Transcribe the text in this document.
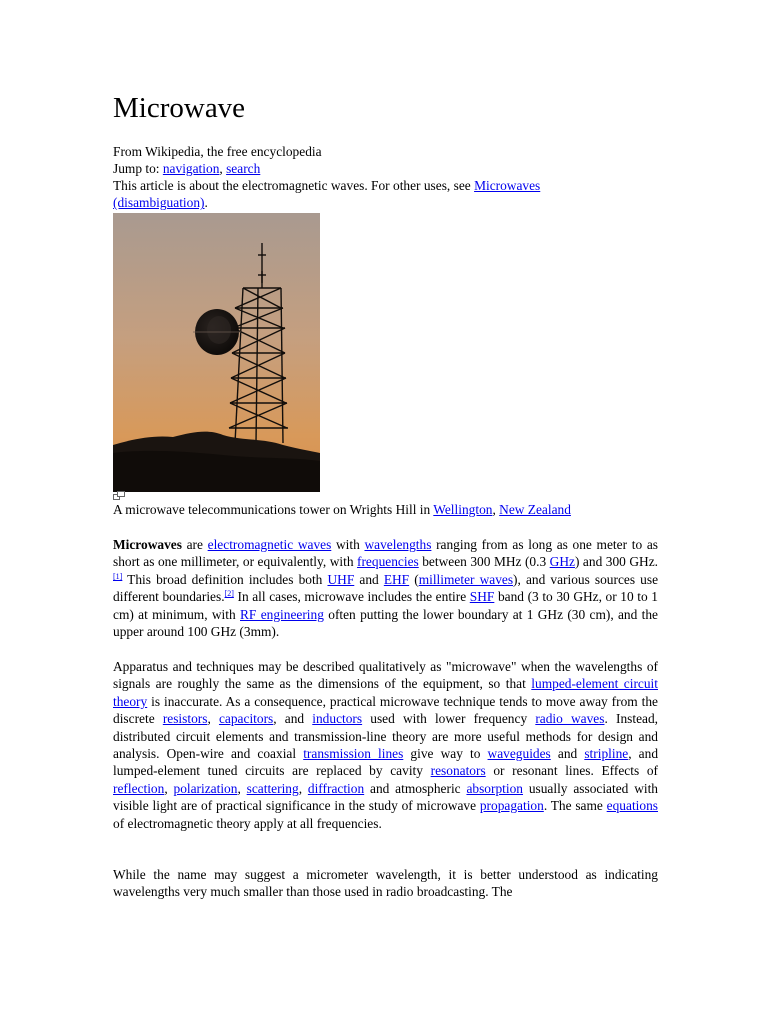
Microwave
From Wikipedia, the free encyclopedia
Jump to: navigation, search
This article is about the electromagnetic waves. For other uses, see Microwaves (disambiguation).
A microwave telecommunications tower on Wrights Hill in Wellington, New Zealand
Microwaves are electromagnetic waves with wavelengths ranging from as long as one meter to as short as one millimeter, or equivalently, with frequencies between 300 MHz (0.3 GHz) and 300 GHz.[1] This broad definition includes both UHF and EHF (millimeter waves), and various sources use different boundaries.[2] In all cases, microwave includes the entire SHF band (3 to 30 GHz, or 10 to 1 cm) at minimum, with RF engineering often putting the lower boundary at 1 GHz (30 cm), and the upper around 100 GHz (3mm).
Apparatus and techniques may be described qualitatively as "microwave" when the wavelengths of signals are roughly the same as the dimensions of the equipment, so that lumped-element circuit theory is inaccurate. As a consequence, practical microwave technique tends to move away from the discrete resistors, capacitors, and inductors used with lower frequency radio waves. Instead, distributed circuit elements and transmission-line theory are more useful methods for design and analysis. Open-wire and coaxial transmission lines give way to waveguides and stripline, and lumped-element tuned circuits are replaced by cavity resonators or resonant lines. Effects of reflection, polarization, scattering, diffraction and atmospheric absorption usually associated with visible light are of practical significance in the study of microwave propagation. The same equations of electromagnetic theory apply at all frequencies.
While the name may suggest a micrometer wavelength, it is better understood as indicating wavelengths very much smaller than those used in radio broadcasting. The
